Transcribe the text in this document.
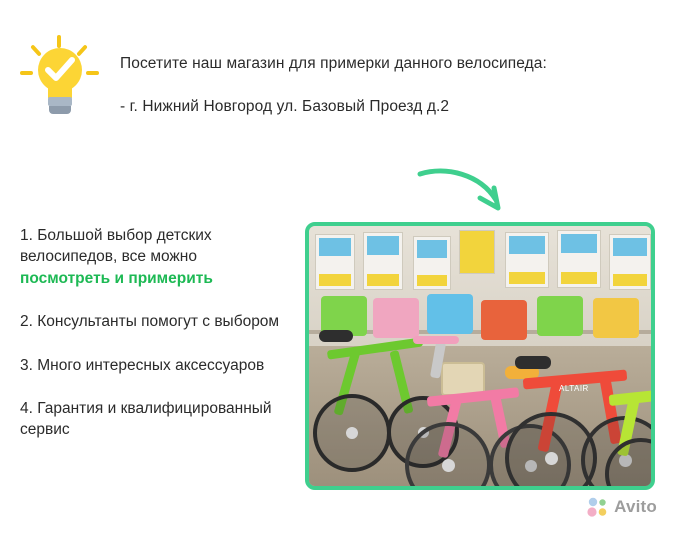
Посетите наш магазин для примерки данного велосипеда:
- г. Нижний Новгород ул. Базовый Проезд д.2
1. Большой выбор детских велосипедов, все можно посмотреть и примерить
2. Консультанты помогут с выбором
3. Много интересных аксессуаров
4. Гарантия и квалифицированный сервис
ALTAIR
Avito
